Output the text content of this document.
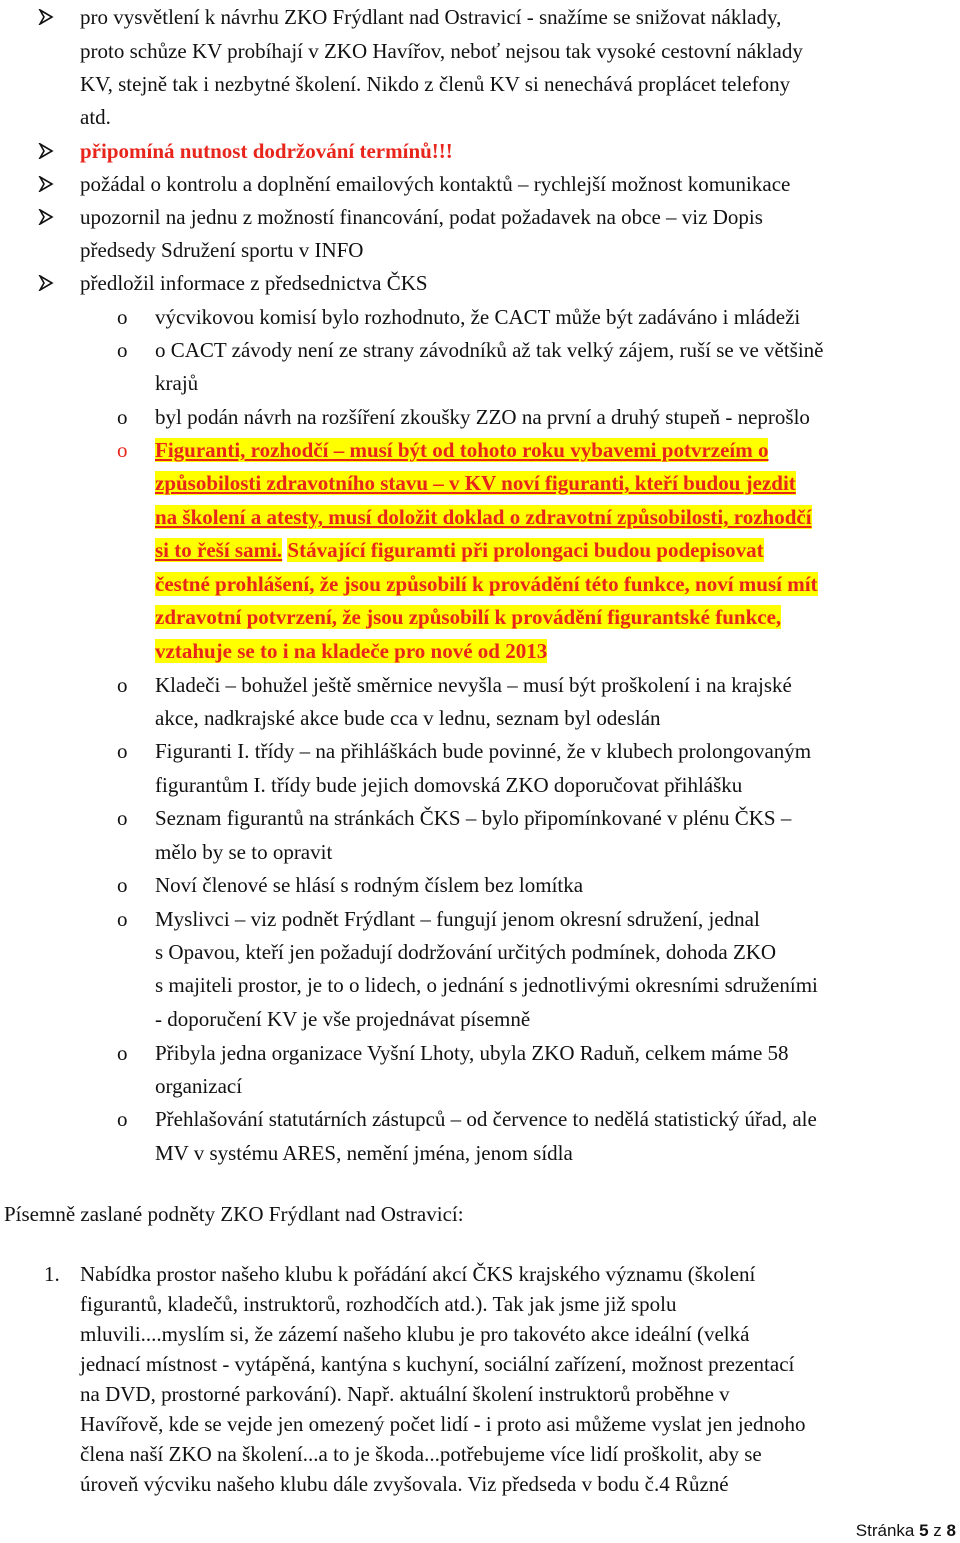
pro vysvětlení k návrhu ZKO Frýdlant nad Ostravicí - snažíme se snižovat náklady,
proto schůze KV probíhají v ZKO Havířov, neboť nejsou tak vysoké cestovní náklady
KV, stejně tak i nezbytné školení. Nikdo z členů KV si nenechává proplácet telefony
atd.
připomíná nutnost dodržování termínů!!!
požádal o kontrolu a doplnění emailových kontaktů – rychlejší možnost komunikace
upozornil na jednu z možností financování, podat požadavek na obce – viz Dopis
předsedy Sdružení sportu v INFO
předložil informace z předsednictva ČKS
o výcvikovou komisí bylo rozhodnuto, že CACT může být zadáváno i mládeži
o o CACT závody není ze strany závodníků až tak velký zájem, ruší se ve většině
krajů
o byl podán návrh na rozšíření zkoušky ZZO na první a druhý stupeň - neprošlo
o Figuranti, rozhodčí – musí být od tohoto roku vybavemi potvrzeím o
způsobilosti zdravotního stavu – v KV noví figuranti, kteří budou jezdit
na školení a atesty, musí doložit doklad o zdravotní způsobilosti, rozhodčí
si to řeší sami. Stávající figuramti při prolongaci budou podepisovat
čestné prohlášení, že jsou způsobilí k provádění této funkce, noví musí mít
zdravotní potvrzení, že jsou způsobilí k provádění figurantské funkce,
vztahuje se to i na kladeče pro nové od 2013
o Kladeči – bohužel ještě směrnice nevyšla – musí být proškolení i na krajské
akce, nadkrajské akce bude cca v lednu, seznam byl odeslán
o Figuranti I. třídy – na přihláškách bude povinné, že v klubech prolongovaným
figurantům I. třídy bude jejich domovská ZKO doporučovat přihlášku
o Seznam figurantů na stránkách ČKS – bylo připomínkované v plénu ČKS –
mělo by se to opravit
o Noví členové se hlásí s rodným číslem bez lomítka
o Myslivci – viz podnět Frýdlant – fungují jenom okresní sdružení, jednal
s Opavou, kteří jen požadují dodržování určitých podmínek, dohoda ZKO
s majiteli prostor, je to o lidech, o jednání s jednotlivými okresními sdruženími
- doporučení KV je vše projednávat písemně
o Přibyla jedna organizace Vyšní Lhoty, ubyla ZKO Raduň, celkem máme 58
organizací
o Přehlašování statutárních zástupců – od července to nedělá statistický úřad, ale
MV v systému ARES, nemění jména, jenom sídla
Písemně zaslané podněty ZKO Frýdlant nad Ostravicí:
1. Nabídka prostor našeho klubu k pořádání akcí ČKS krajského významu (školení
figurantů, kladečů, instruktorů, rozhodčích atd.). Tak jak jsme již spolu
mluvili....myslím si, že zázemí našeho klubu je pro takovéto akce ideální (velká
jednací místnost - vytápěná, kantýna s kuchyní, sociální zařízení, možnost prezentací
na DVD, prostorné parkování). Např. aktuální školení instruktorů proběhne v
Havířově, kde se vejde jen omezený počet lidí - i proto asi můžeme vyslat jen jednoho
člena naší ZKO na školení...a to je škoda...potřebujeme více lidí proškolit, aby se
úroveň výcviku našeho klubu dále zvyšovala. Viz předseda v bodu č.4 Různé
Stránka 5 z 8
